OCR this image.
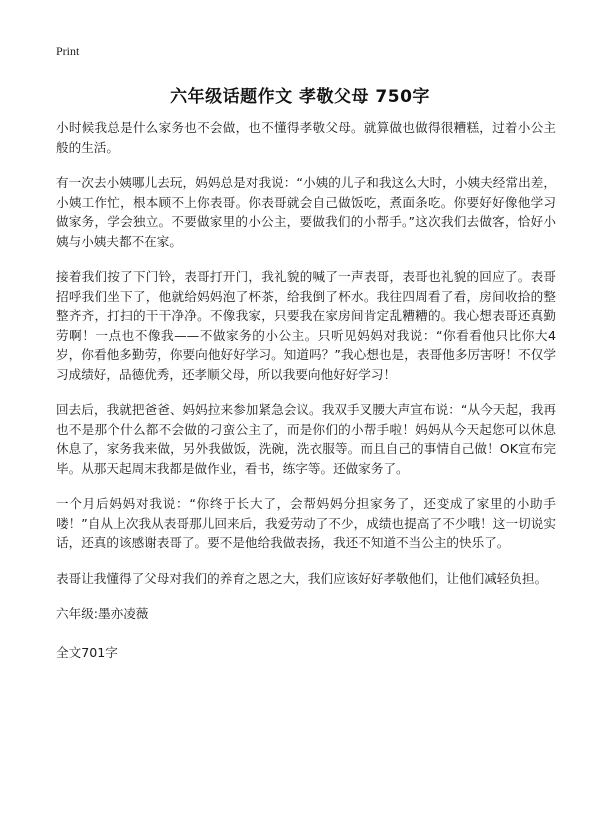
Print
六年级话题作文 孝敬父母 750字

小时候我总是什么家务也不会做，也不懂得孝敬父母。就算做也做得很糟糕，过着小公主般的生活。

有一次去小姨哪儿去玩，妈妈总是对我说：“小姨的儿子和我这么大时，小姨夫经常出差，小姨工作忙，根本顾不上你表哥。你表哥就会自己做饭吃，煮面条吃。你要好好像他学习做家务，学会独立。不要做家里的小公主，要做我们的小帮手。”这次我们去做客，恰好小姨与小姨夫都不在家。

接着我们按了下门铃，表哥打开门，我礼貌的喊了一声表哥，表哥也礼貌的回应了。表哥招呼我们坐下了，他就给妈妈泡了杯茶，给我倒了杯水。我往四周看了看，房间收拾的整整齐齐，打扫的干干净净。不像我家，只要我在家房间肯定乱糟糟的。我心想表哥还真勤劳啊！一点也不像我——不做家务的小公主。只听见妈妈对我说：“你看看他只比你大4岁，你看他多勤劳，你要向他好好学习。知道吗？”我心想也是，表哥他多厉害呀！不仅学习成绩好，品德优秀，还孝顺父母，所以我要向他好好学习！

回去后，我就把爸爸、妈妈拉来参加紧急会议。我双手叉腰大声宣布说：“从今天起，我再也不是那个什么都不会做的刁蛮公主了，而是你们的小帮手啦！妈妈从今天起您可以休息休息了，家务我来做，另外我做饭，洗碗，洗衣服等。而且自己的事情自己做！OK宣布完毕。从那天起周末我都是做作业，看书，练字等。还做家务了。

一个月后妈妈对我说：“你终于长大了，会帮妈妈分担家务了，还变成了家里的小助手喽！”自从上次我从表哥那儿回来后，我爱劳动了不少，成绩也提高了不少哦！这一切说实话，还真的该感谢表哥了。要不是他给我做表扬，我还不知道不当公主的快乐了。

表哥让我懂得了父母对我们的养育之恩之大，我们应该好好孝敬他们，让他们减轻负担。

六年级:墨亦凌薇

全文701字
